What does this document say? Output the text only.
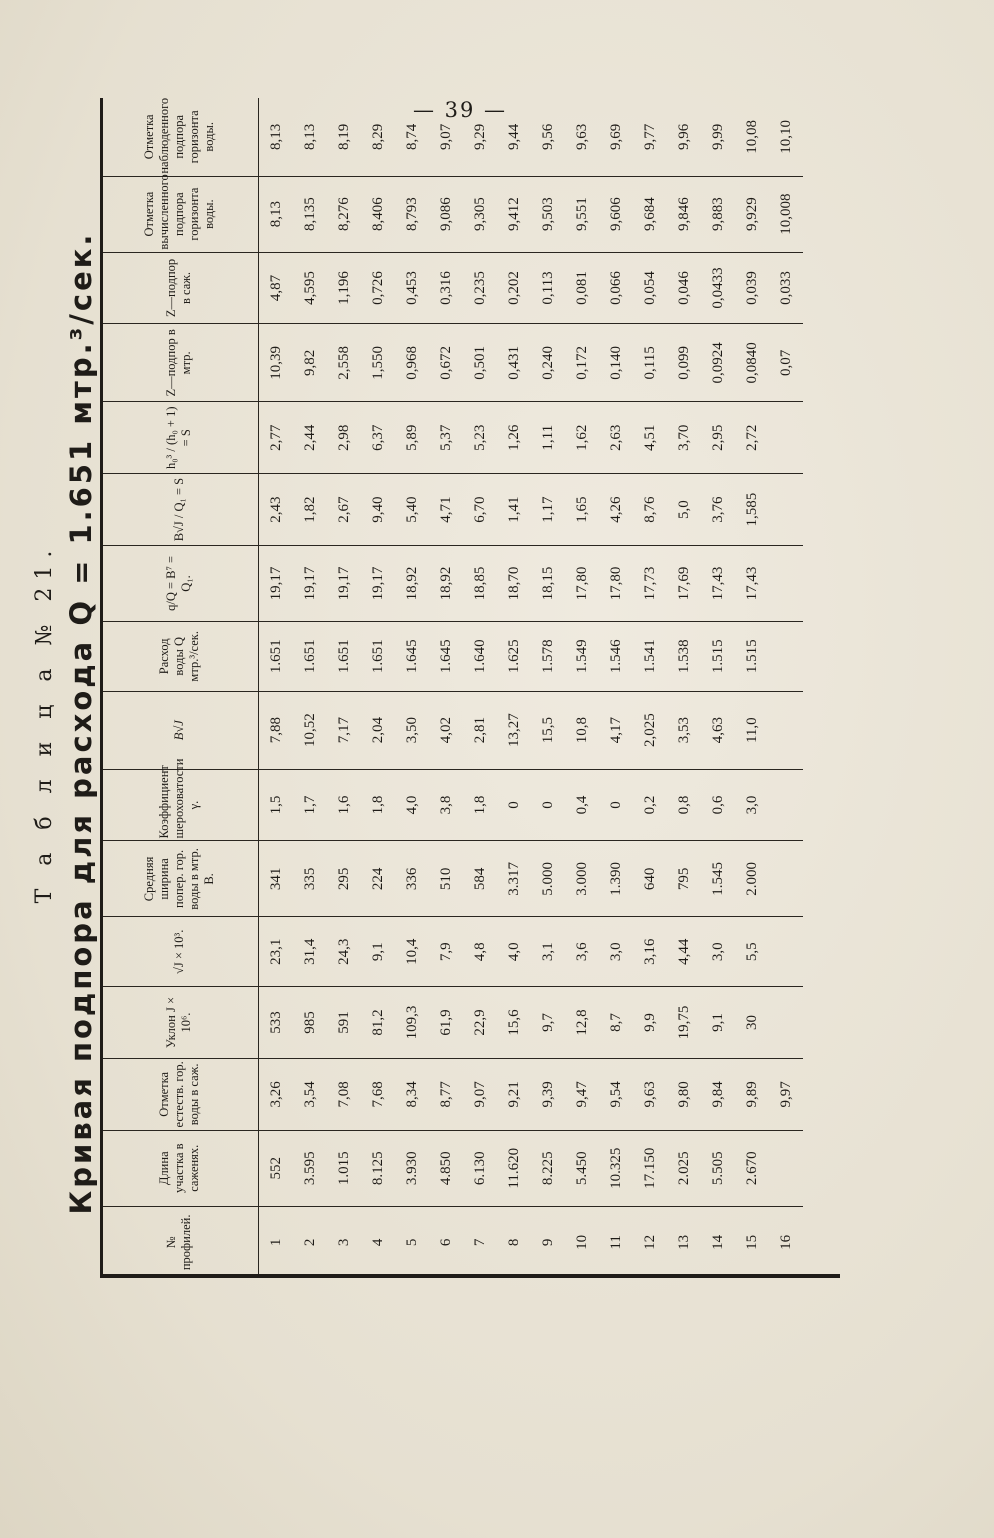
— 39 —
Т а б л и ц а № 21. Кривая подпора для расхода Q = 1.651 мтр.³/сек.
№ профилей.	Длина участка в саженях.	Отметка естеств. гор. воды в саж.	Уклон J × 10⁶.	√J × 10³.	Средняя ширина попер. гор. воды в мтр. B.	Коэффициент шероховатости γ.	B√J	Расход воды Q мтр.³/сек.	q/Q = B⁷ = Q₁.	B√J / Q₁ = S	h₀³ / (h₀ + 1) = S	Z—подпор в мтр.	Z—подпор в саж.	Отметка вычисленного подпора горизонта воды.	Отметка наблюденного подпора горизонта воды.
1	552	3,26	533	23,1	341	1,5	7,88	1.651	19,17	2,43	2,77	10,39	4,87	8,13	8,13
2	3.595	3,54	985	31,4	335	1,7	10,52	1.651	19,17	1,82	2,44	9,82	4,595	8,135	8,13
3	1.015	7,08	591	24,3	295	1,6	7,17	1.651	19,17	2,67	2,98	2,558	1,196	8,276	8,19
4	8.125	7,68	81,2	9,1	224	1,8	2,04	1.651	19,17	9,40	6,37	1,550	0,726	8,406	8,29
5	3.930	8,34	109,3	10,4	336	4,0	3,50	1.645	18,92	5,40	5,89	0,968	0,453	8,793	8,74
6	4.850	8,77	61,9	7,9	510	3,8	4,02	1.645	18,92	4,71	5,37	0,672	0,316	9,086	9,07
7	6.130	9,07	22,9	4,8	584	1,8	2,81	1.640	18,85	6,70	5,23	0,501	0,235	9,305	9,29
8	11.620	9,21	15,6	4,0	3.317	0	13,27	1.625	18,70	1,41	1,26	0,431	0,202	9,412	9,44
9	8.225	9,39	9,7	3,1	5.000	0	15,5	1.578	18,15	1,17	1,11	0,240	0,113	9,503	9,56
10	5.450	9,47	12,8	3,6	3.000	0,4	10,8	1.549	17,80	1,65	1,62	0,172	0,081	9,551	9,63
11	10.325	9,54	8,7	3,0	1.390	0	4,17	1.546	17,80	4,26	2,63	0,140	0,066	9,606	9,69
12	17.150	9,63	9,9	3,16	640	0,2	2,025	1.541	17,73	8,76	4,51	0,115	0,054	9,684	9,77
13	2.025	9,80	19,75	4,44	795	0,8	3,53	1.538	17,69	5,0	3,70	0,099	0,046	9,846	9,96
14	5.505	9,84	9,1	3,0	1.545	0,6	4,63	1.515	17,43	3,76	2,95	0,0924	0,0433	9,883	9,99
15	2.670	9,89	30	5,5	2.000	3,0	11,0	1.515	17,43	1,585	2,72	0,0840	0,039	9,929	10,08
16		9,97										0,07	0,033	10,008	10,10
